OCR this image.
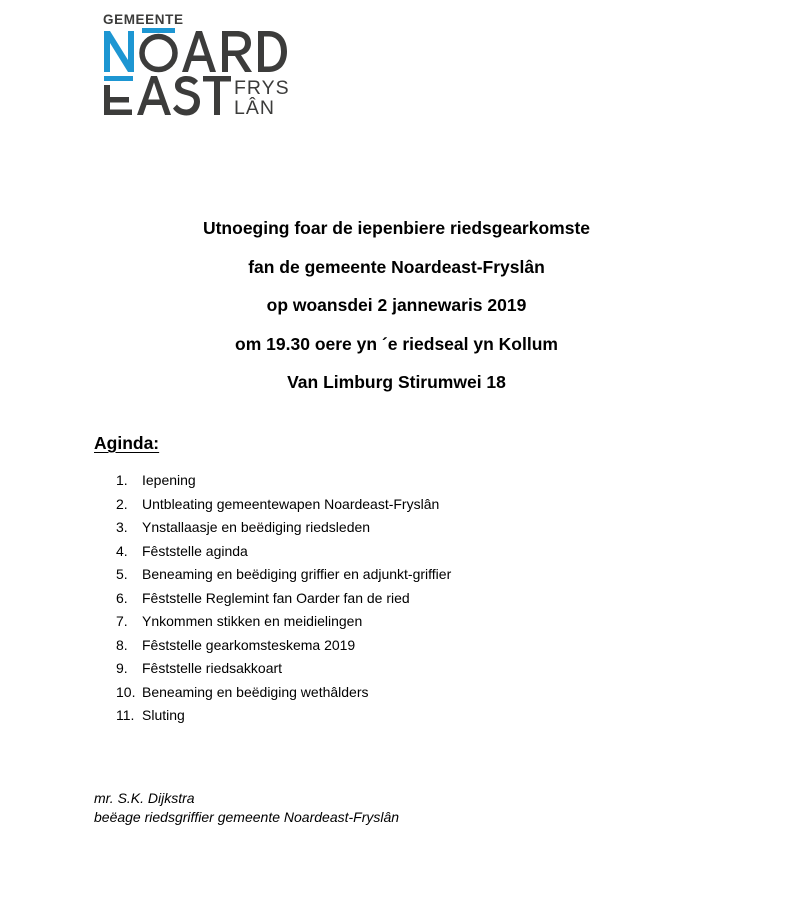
GEMEENTE
FRYS
LÂN
Utnoeging foar de iepenbiere riedsgearkomste
fan de gemeente Noardeast-Fryslân
op woansdei 2 jannewaris 2019
om 19.30 oere yn ´e riedseal yn Kollum
Van Limburg Stirumwei 18
Aginda:
1.	Iepening
2.	Untbleating gemeentewapen Noardeast-Fryslân
3.	Ynstallaasje en beëdiging riedsleden
4.	Fêststelle aginda
5.	Beneaming en beëdiging griffier en adjunkt-griffier
6.	Fêststelle Reglemint fan Oarder fan de ried
7.	Ynkommen stikken en meidielingen
8.	Fêststelle gearkomsteskema 2019
9.	Fêststelle riedsakkoart
10. Beneaming en beëdiging wethâlders
11. Sluting
mr. S.K. Dijkstra
beëage riedsgriffier gemeente Noardeast-Fryslân
